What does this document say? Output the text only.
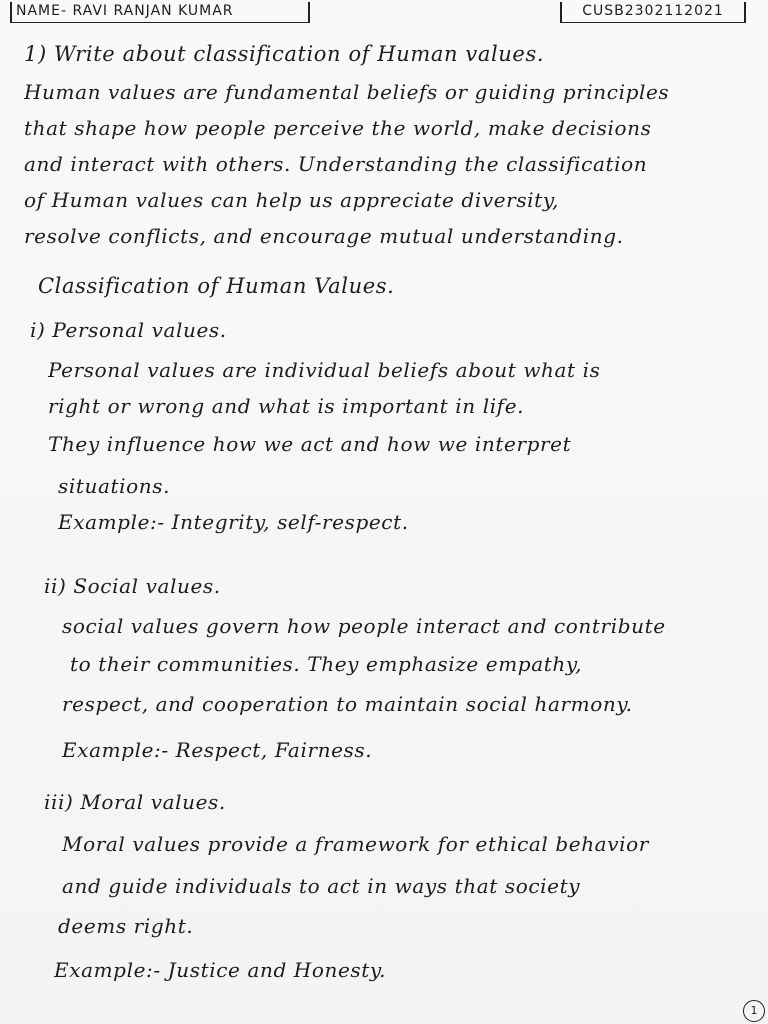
NAME- RAVI RANJAN KUMAR	CUSB2302112021
1) Write about classification of Human values.
Human values are fundamental beliefs or guiding principles
that shape how people perceive the world, make decisions
and interact with others. Understanding the classification
of Human values can help us appreciate diversity,
resolve conflicts, and encourage mutual understanding.
Classification of Human Values.
i) Personal values.
Personal values are individual beliefs about what is
right or wrong and what is important in life.
They influence how we act and how we interpret
situations.
Example:- Integrity, self-respect.
ii) Social values.
social values govern how people interact and contribute
to their communities. They emphasize empathy,
respect, and cooperation to maintain social harmony.
Example:- Respect, Fairness.
iii) Moral values.
Moral values provide a framework for ethical behavior
and guide individuals to act in ways that society
deems right.
Example:- Justice and Honesty.
1
